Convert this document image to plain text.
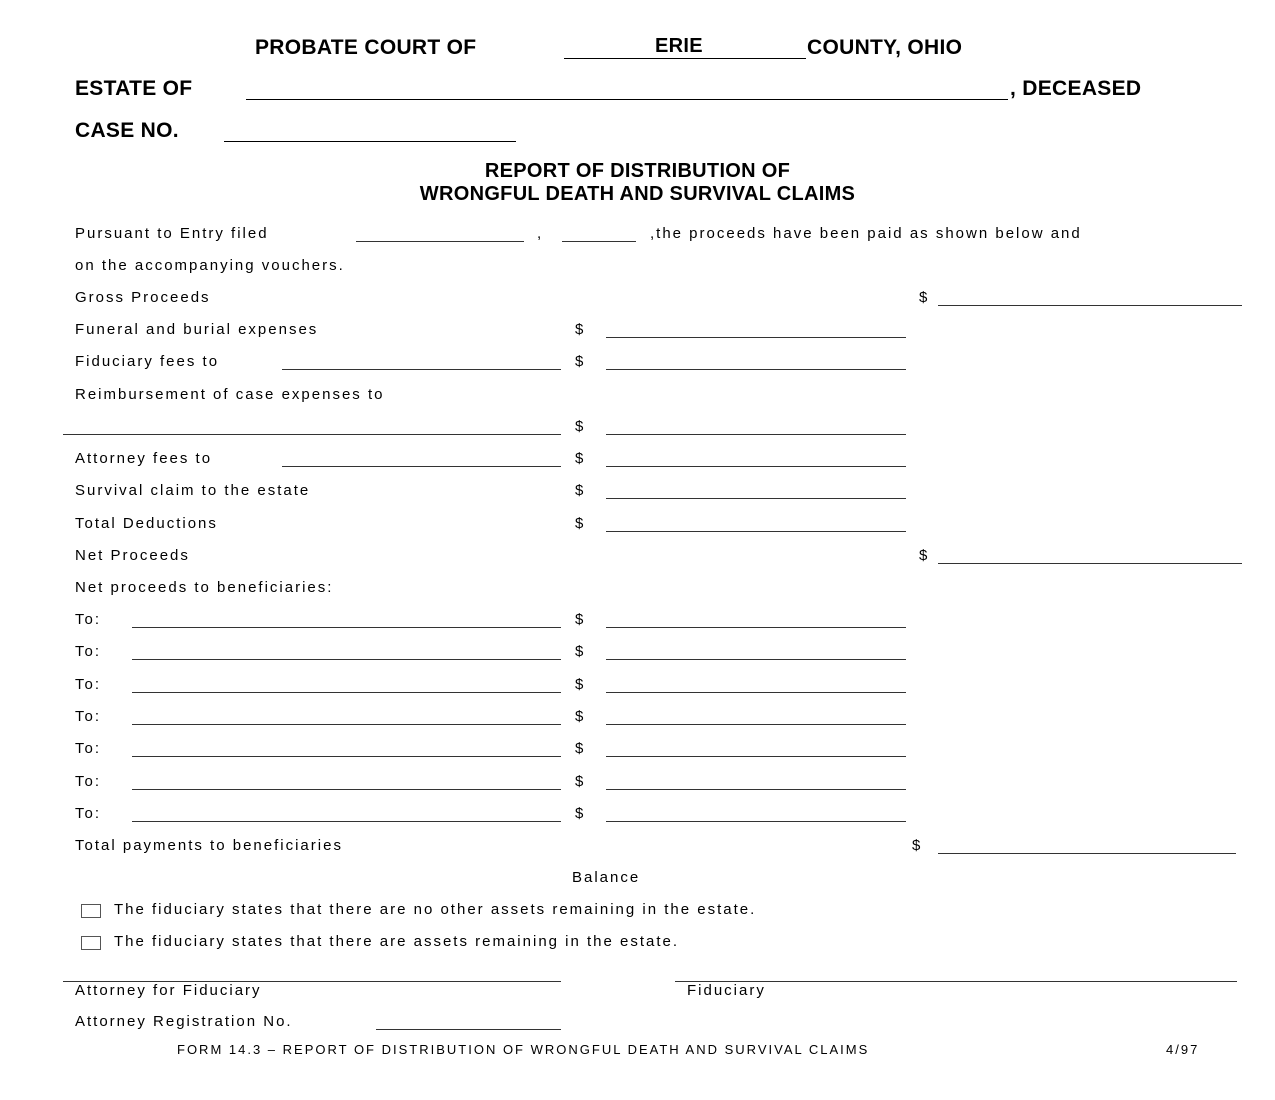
PROBATE COURT OF	ERIE	COUNTY, OHIO
ESTATE OF	, DECEASED
CASE NO.
REPORT OF DISTRIBUTION OF
WRONGFUL DEATH AND SURVIVAL CLAIMS
Pursuant to Entry filed	,	,the proceeds have been paid as shown below and
on the accompanying vouchers.
Gross Proceeds	$
Funeral and burial expenses	$
Fiduciary fees to	$
Reimbursement of case expenses to
$
Attorney fees to	$
Survival claim to the estate	$
Total Deductions	$
Net Proceeds	$
Net proceeds to beneficiaries:
To:	$
To:	$
To:	$
To:	$
To:	$
To:	$
To:	$
Total payments to beneficiaries	$
Balance
The fiduciary states that there are no other assets remaining in the estate.
The fiduciary states that there are assets remaining in the estate.
Attorney for Fiduciary	Fiduciary
Attorney Registration No.
FORM 14.3 – REPORT OF DISTRIBUTION OF WRONGFUL DEATH AND SURVIVAL CLAIMS	4/97
